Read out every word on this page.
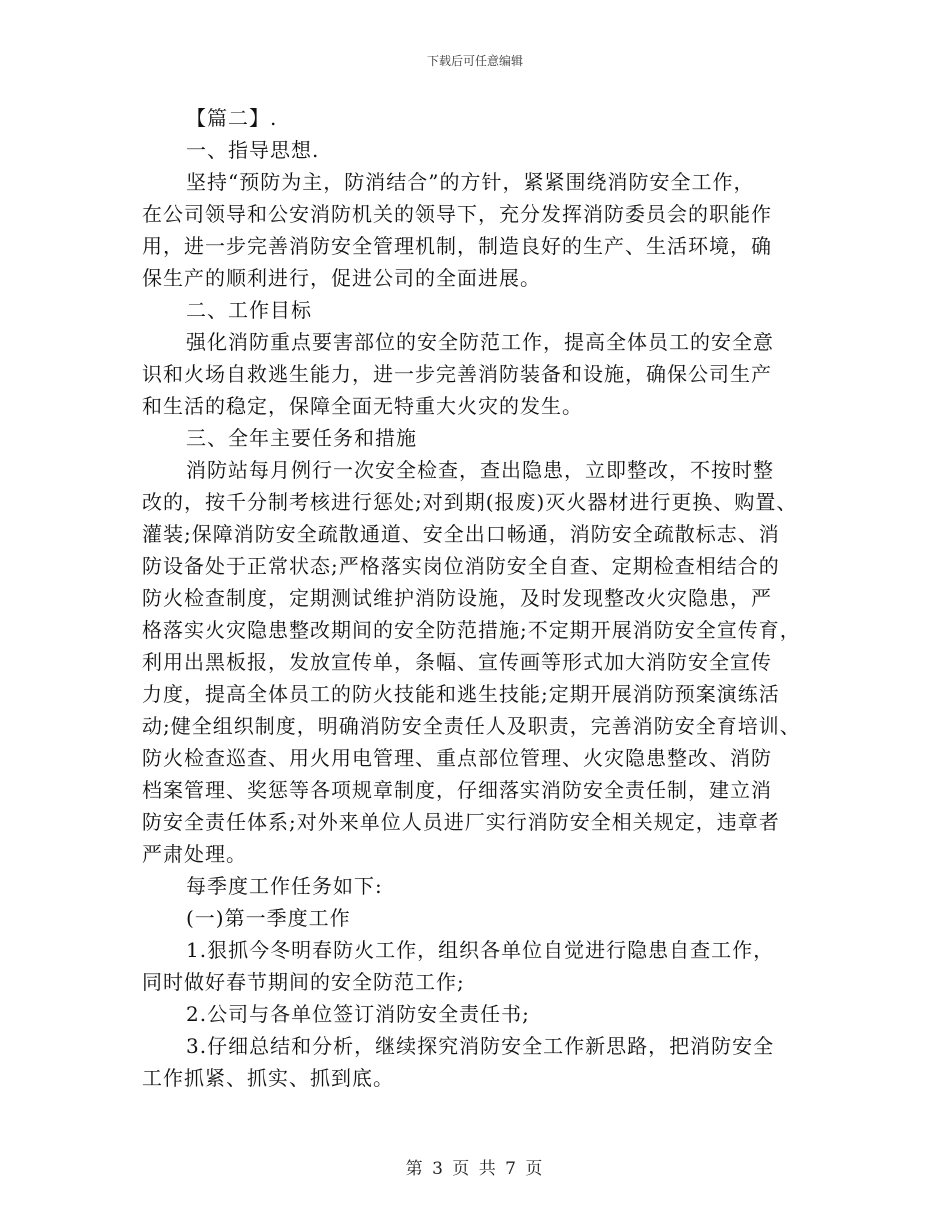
下载后可任意编辑
【篇二】.
一、指导思想.
坚持“预防为主，防消结合”的方针，紧紧围绕消防安全工作，
在公司领导和公安消防机关的领导下，充分发挥消防委员会的职能作
用，进一步完善消防安全管理机制，制造良好的生产、生活环境，确
保生产的顺利进行，促进公司的全面进展。
二、工作目标
强化消防重点要害部位的安全防范工作，提高全体员工的安全意
识和火场自救逃生能力，进一步完善消防装备和设施，确保公司生产
和生活的稳定，保障全面无特重大火灾的发生。
三、全年主要任务和措施
消防站每月例行一次安全检查，查出隐患，立即整改，不按时整
改的，按千分制考核进行惩处;对到期(报废)灭火器材进行更换、购置、
灌装;保障消防安全疏散通道、安全出口畅通，消防安全疏散标志、消
防设备处于正常状态;严格落实岗位消防安全自查、定期检查相结合的
防火检查制度，定期测试维护消防设施，及时发现整改火灾隐患，严
格落实火灾隐患整改期间的安全防范措施;不定期开展消防安全宣传育，
利用出黑板报，发放宣传单，条幅、宣传画等形式加大消防安全宣传
力度，提高全体员工的防火技能和逃生技能;定期开展消防预案演练活
动;健全组织制度，明确消防安全责任人及职责，完善消防安全育培训、
防火检查巡查、用火用电管理、重点部位管理、火灾隐患整改、消防
档案管理、奖惩等各项规章制度，仔细落实消防安全责任制，建立消
防安全责任体系;对外来单位人员进厂实行消防安全相关规定，违章者
严肃处理。
每季度工作任务如下:
(一)第一季度工作
1.狠抓今冬明春防火工作，组织各单位自觉进行隐患自查工作，
同时做好春节期间的安全防范工作;
2.公司与各单位签订消防安全责任书;
3.仔细总结和分析，继续探究消防安全工作新思路，把消防安全
工作抓紧、抓实、抓到底。
第 3 页 共 7 页
